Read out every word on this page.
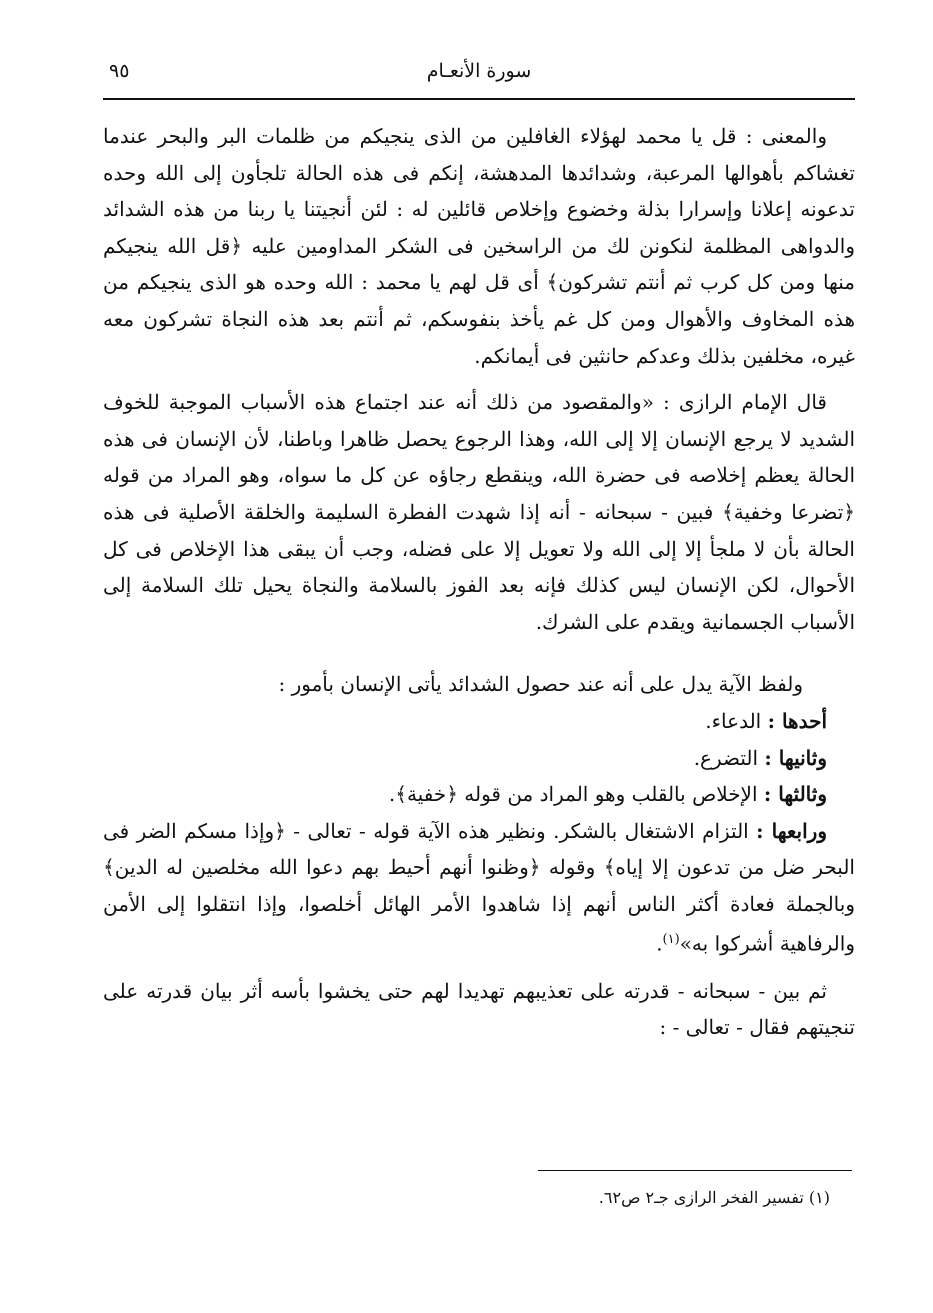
سورة الأنعـام
٩٥

والمعنى : قل يا محمد لهؤلاء الغافلين من الذى ينجيكم من ظلمات البر والبحر عندما تغشاكم بأهوالها المرعبة، وشدائدها المدهشة، إنكم فى هذه الحالة تلجأون إلى الله وحده تدعونه إعلانا وإسرارا بذلة وخضوع وإخلاص قائلين له : لئن أنجيتنا يا ربنا من هذه الشدائد والدواهى المظلمة لنكونن لك من الراسخين فى الشكر المداومين عليه ﴿قل الله ينجيكم منها ومن كل كرب ثم أنتم تشركون﴾ أى قل لهم يا محمد : الله وحده هو الذى ينجيكم من هذه المخاوف والأهوال ومن كل غم يأخذ بنفوسكم، ثم أنتم بعد هذه النجاة تشركون معه غيره، مخلفين بذلك وعدكم حانثين فى أيمانكم.

قال الإمام الرازى : «والمقصود من ذلك أنه عند اجتماع هذه الأسباب الموجبة للخوف الشديد لا يرجع الإنسان إلا إلى الله، وهذا الرجوع يحصل ظاهرا وباطنا، لأن الإنسان فى هذه الحالة يعظم إخلاصه فى حضرة الله، وينقطع رجاؤه عن كل ما سواه، وهو المراد من قوله ﴿تضرعا وخفية﴾ فبين - سبحانه - أنه إذا شهدت الفطرة السليمة والخلقة الأصلية فى هذه الحالة بأن لا ملجأ إلا إلى الله ولا تعويل إلا على فضله، وجب أن يبقى هذا الإخلاص فى كل الأحوال، لكن الإنسان ليس كذلك فإنه بعد الفوز بالسلامة والنجاة يحيل تلك السلامة إلى الأسباب الجسمانية ويقدم على الشرك.

ولفظ الآية يدل على أنه عند حصول الشدائد يأتى الإنسان بأمور :

أحدها : الدعاء.

وثانيها : التضرع.

وثالثها : الإخلاص بالقلب وهو المراد من قوله ﴿خفية﴾.

ورابعها : التزام الاشتغال بالشكر. ونظير هذه الآية قوله - تعالى - ﴿وإذا مسكم الضر فى البحر ضل من تدعون إلا إياه﴾ وقوله ﴿وظنوا أنهم أحيط بهم دعوا الله مخلصين له الدين﴾ وبالجملة فعادة أكثر الناس أنهم إذا شاهدوا الأمر الهائل أخلصوا، وإذا انتقلوا إلى الأمن والرفاهية أشركوا به»$^{(١)}$.

ثم بين - سبحانه - قدرته على تعذيبهم تهديدا لهم حتى يخشوا بأسه أثر بيان قدرته على تنجيتهم فقال - تعالى - :

(١) تفسير الفخر الرازى جـ٢ ص٦٢.
